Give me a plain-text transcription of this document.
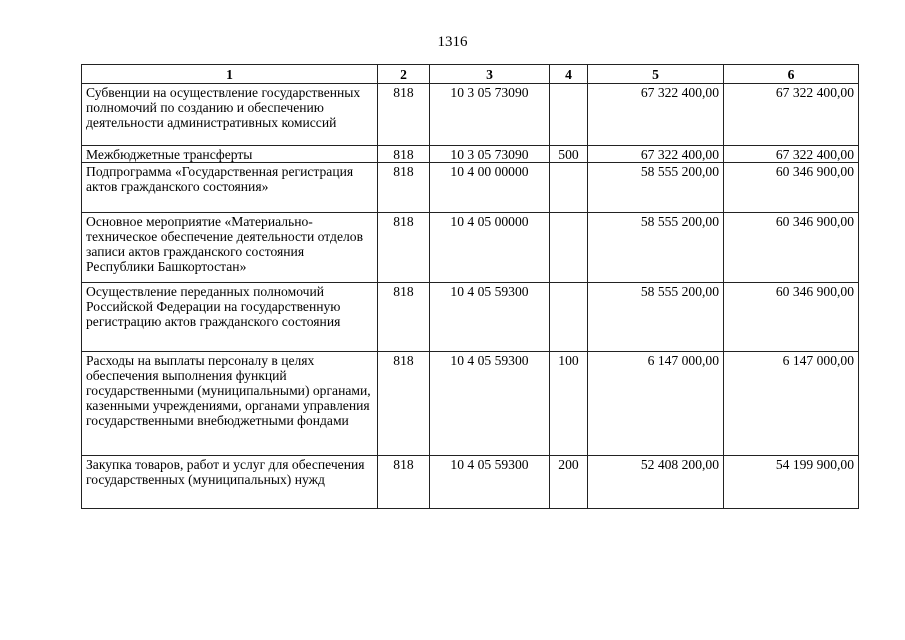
1316
1	2	3	4	5	6
Субвенции на осуществление государственных полномочий по созданию и обеспечению деятельности административных комиссий	818	10 3 05 73090		67 322 400,00	67 322 400,00
Межбюджетные трансферты	818	10 3 05 73090	500	67 322 400,00	67 322 400,00
Подпрограмма «Государственная регистрация актов гражданского состояния»	818	10 4 00 00000		58 555 200,00	60 346 900,00
Основное мероприятие «Материально-техническое обеспечение деятельности отделов записи актов гражданского состояния Республики Башкортостан»	818	10 4 05 00000		58 555 200,00	60 346 900,00
Осуществление переданных полномочий Российской Федерации на государственную регистрацию актов гражданского состояния	818	10 4 05 59300		58 555 200,00	60 346 900,00
Расходы на выплаты персоналу в целях обеспечения выполнения функций государственными (муниципальными) органами, казенными учреждениями, органами управления государственными внебюджетными фондами	818	10 4 05 59300	100	6 147 000,00	6 147 000,00
Закупка товаров, работ и услуг для обеспечения государственных (муниципальных) нужд	818	10 4 05 59300	200	52 408 200,00	54 199 900,00
